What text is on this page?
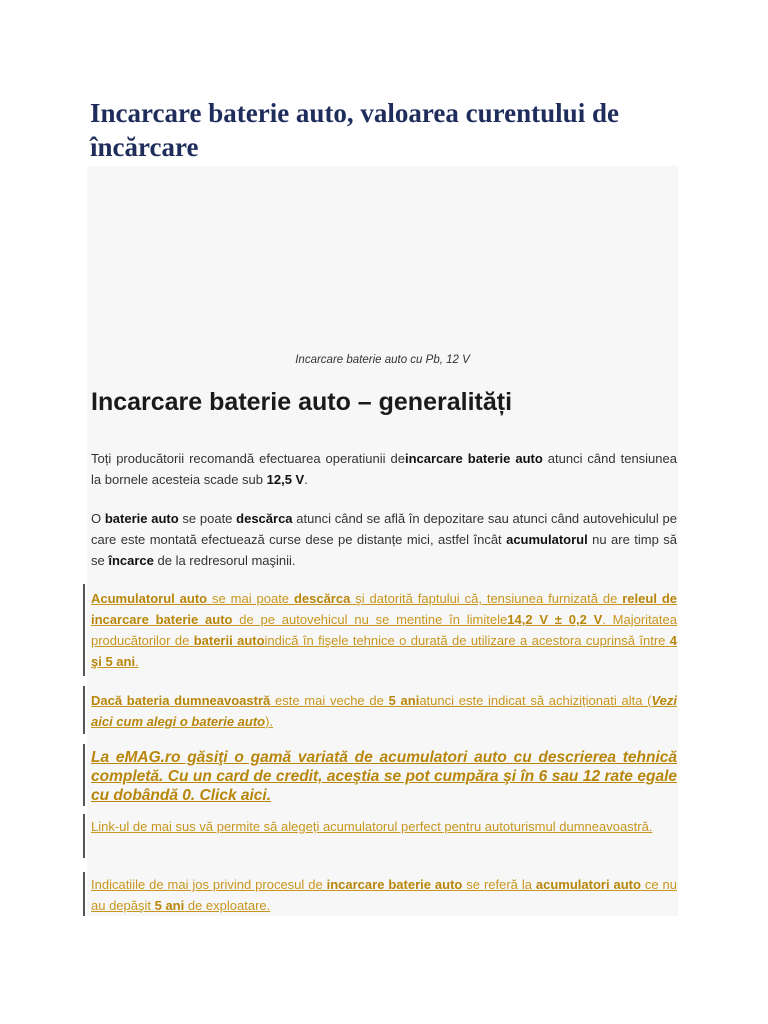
Incarcare baterie auto, valoarea curentului de încărcare
Incarcare baterie auto cu Pb, 12 V
Incarcare baterie auto – generalități

Toți producătorii recomandă efectuarea operatiunii deincarcare baterie auto atunci când tensiunea la bornele acesteia scade sub 12,5 V.

O baterie auto se poate descărca atunci când se află în depozitare sau atunci când autovehiculul pe care este montată efectuează curse dese pe distanțe mici, astfel încât acumulatorul nu are timp să se încarce de la redresorul maşinii.

Acumulatorul auto se mai poate descărca şi datorită faptului că, tensiunea furnizată de releul de incarcare baterie auto de pe autovehicul nu se mentine în limitele14,2 V ± 0,2 V. Majoritatea producătorilor de baterii autoindică în fişele tehnice o durată de utilizare a acestora cuprinsă între 4 şi 5 ani.

Dacă bateria dumneavoastră este mai veche de 5 aniatunci este indicat să achiziționati alta (Vezi aici cum alegi o baterie auto).

La eMAG.ro găsiţi o gamă variată de acumulatori auto cu descrierea tehnică completă. Cu un card de credit, aceştia se pot cumpăra şi în 6 sau 12 rate egale cu dobândă 0. Click aici.

Link-ul de mai sus vă permite să alegeți acumulatorul perfect pentru autoturismul dumneavoastră.

Indicatiile de mai jos privind procesul de incarcare baterie auto se referă la acumulatori auto ce nu au depăşit 5 ani de exploatare.
